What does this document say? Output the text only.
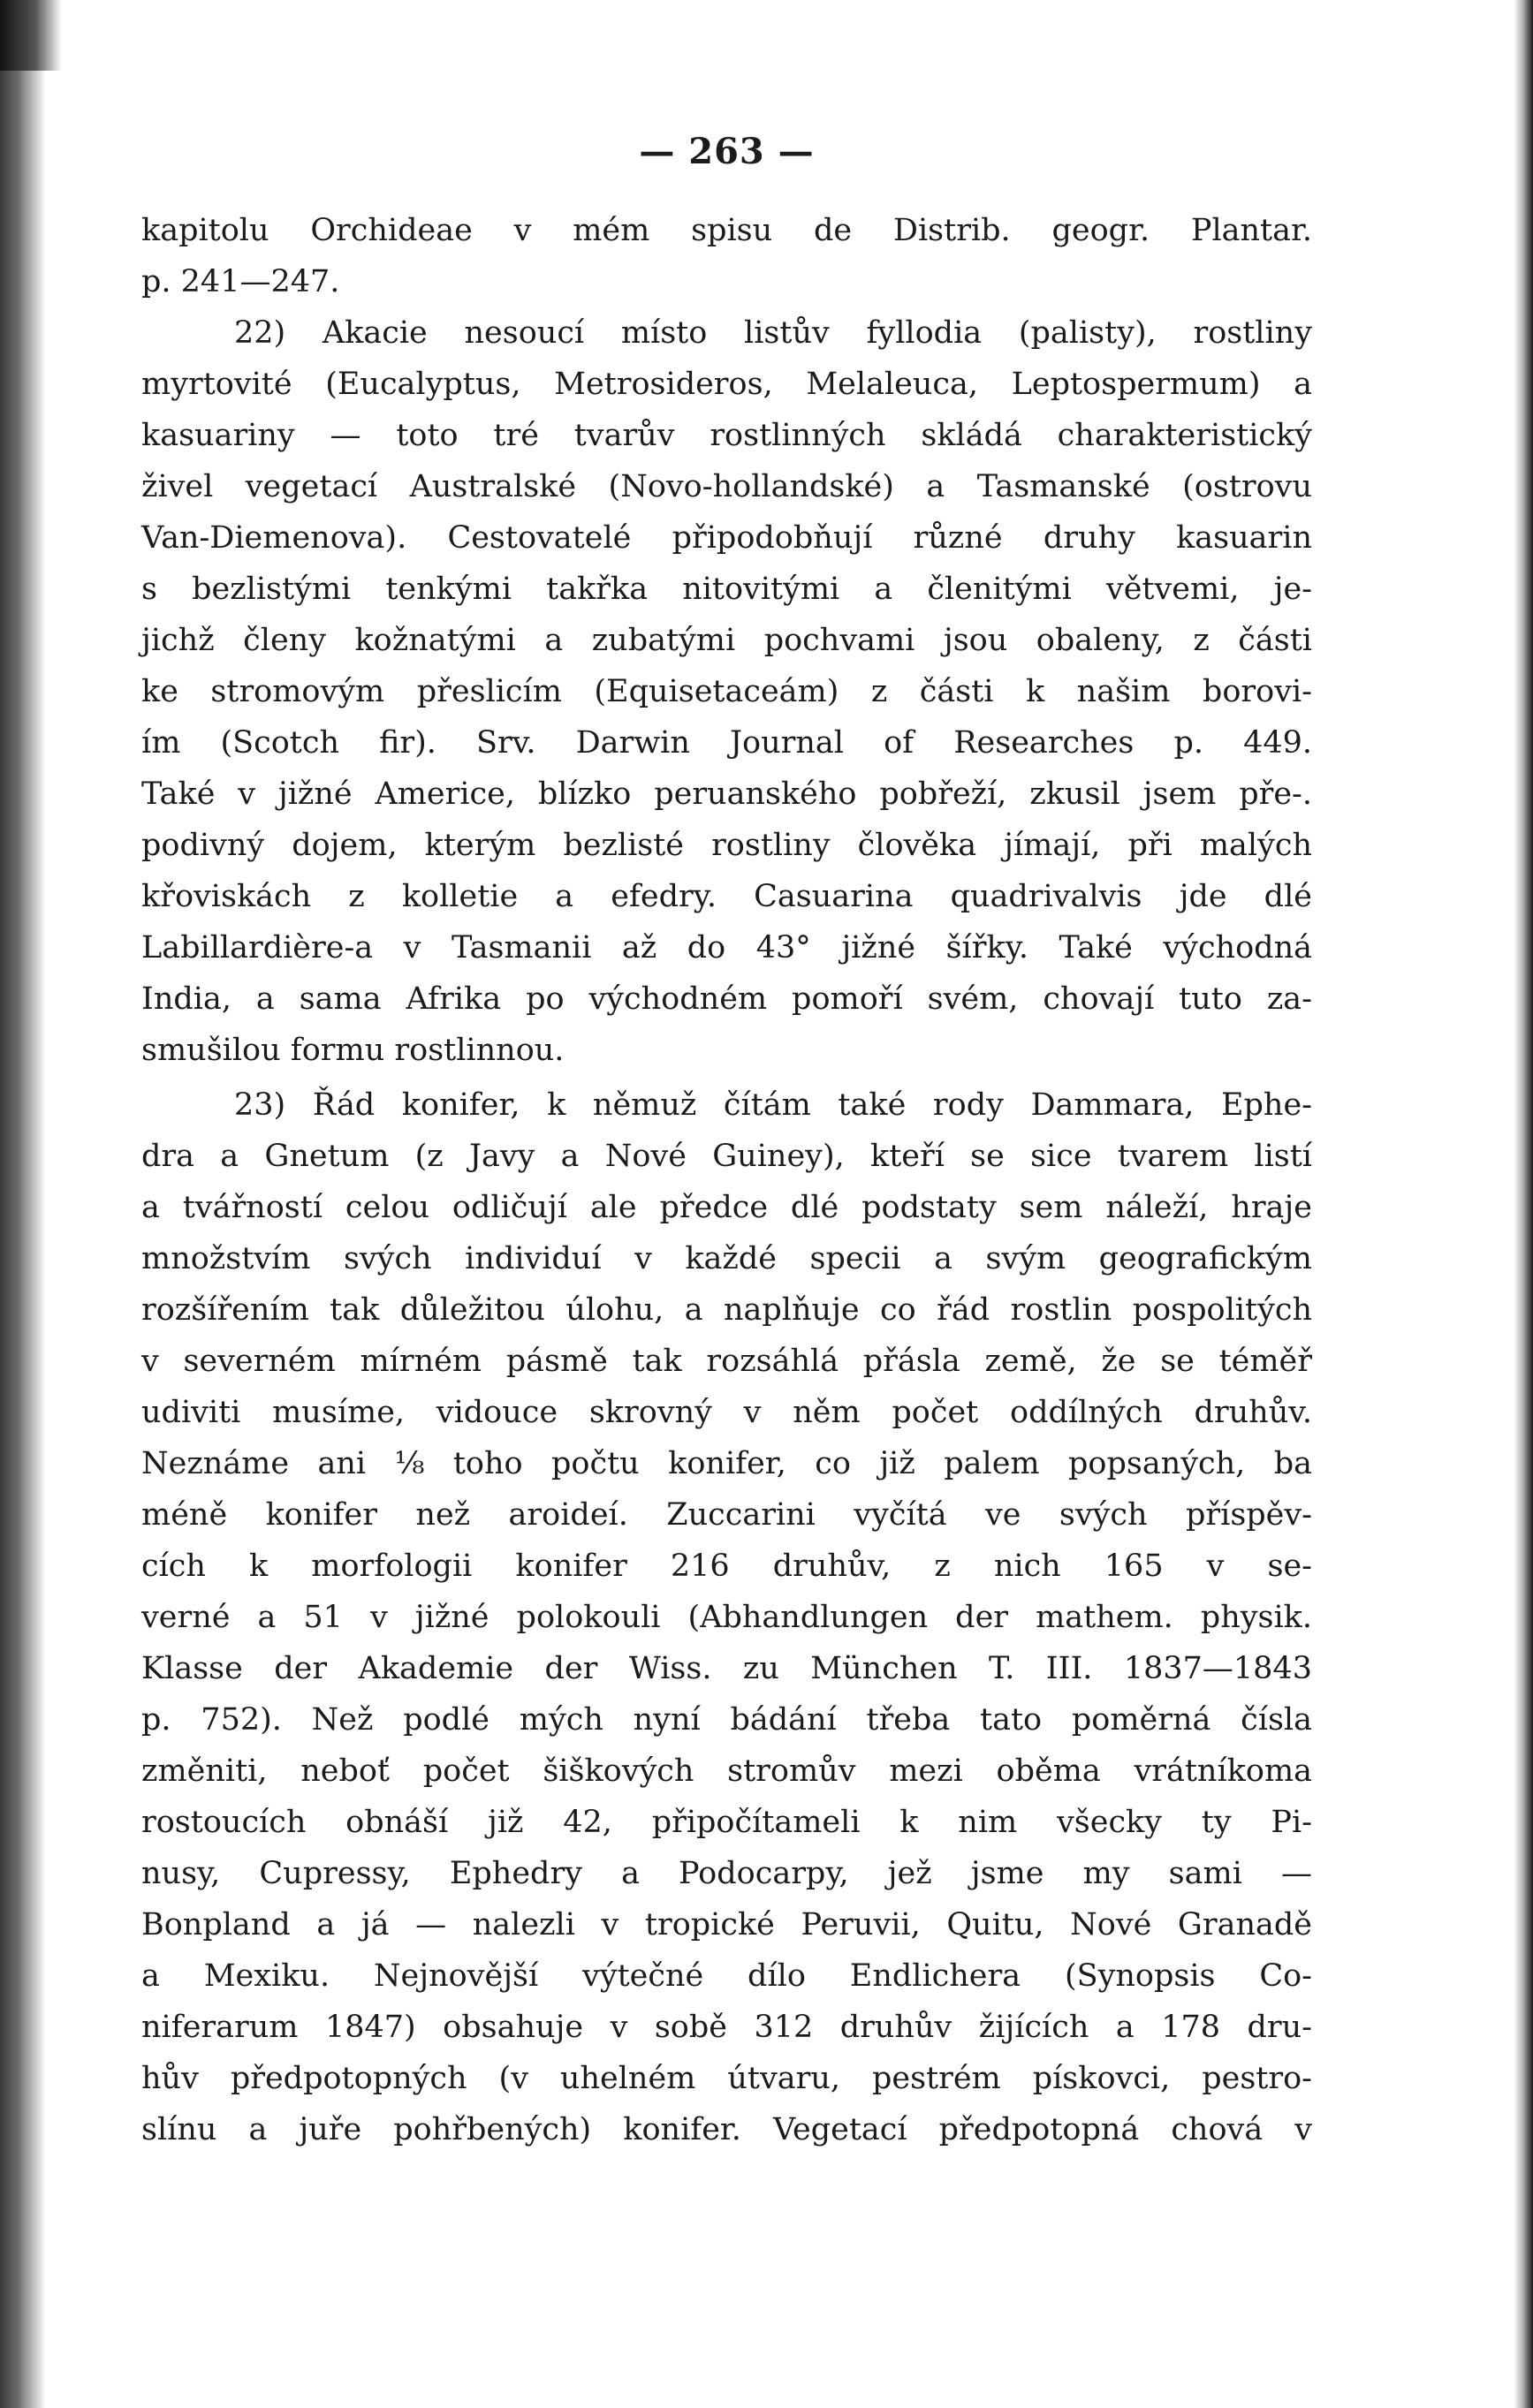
— 263 —
kapitolu Orchideae v mém spisu de Distrib. geogr. Plantar.
p. 241—247.
22) Akacie nesoucí místo listův fyllodia (palisty), rostliny
myrtovité (Eucalyptus, Metrosideros, Melaleuca, Leptospermum) a
kasuariny — toto tré tvarův rostlinných skládá charakteristický
živel vegetací Australské (Novo-hollandské) a Tasmanské (ostrovu
Van-Diemenova). Cestovatelé připodobňují různé druhy kasuarin
s bezlistými tenkými takřka nitovitými a členitými větvemi, je-
jichž členy kožnatými a zubatými pochvami jsou obaleny, z části
ke stromovým přeslicím (Equisetaceám) z části k našim borovi-
ím (Scotch fir). Srv. Darwin Journal of Researches p. 449.
Také v jižné Americe, blízko peruanského pobřeží, zkusil jsem pře-.
podivný dojem, kterým bezlisté rostliny člověka jímají, při malých
křoviskách z kolletie a efedry. Casuarina quadrivalvis jde dlé
Labillardière-a v Tasmanii až do 43° jižné šířky. Také východná
India, a sama Afrika po východném pomoří svém, chovají tuto za-
smušilou formu rostlinnou.
23) Řád konifer, k němuž čítám také rody Dammara, Ephe-
dra a Gnetum (z Javy a Nové Guiney), kteří se sice tvarem listí
a tvářností celou odličují ale předce dlé podstaty sem náleží, hraje
množstvím svých individuí v každé specii a svým geografickým
rozšířením tak důležitou úlohu, a naplňuje co řád rostlin pospolitých
v severném mírném pásmě tak rozsáhlá přásla země, že se téměř
udiviti musíme, vidouce skrovný v něm počet oddílných druhův.
Neznáme ani ⅛ toho počtu konifer, co již palem popsaných, ba
méně konifer než aroideí. Zuccarini vyčítá ve svých příspěv-
cích k morfologii konifer 216 druhův, z nich 165 v se-
verné a 51 v jižné polokouli (Abhandlungen der mathem. physik.
Klasse der Akademie der Wiss. zu München T. III. 1837—1843
p. 752). Než podlé mých nyní bádání třeba tato poměrná čísla
změniti, neboť počet šiškových stromův mezi oběma vrátníkoma
rostoucích obnáší již 42, připočítameli k nim všecky ty Pi-
nusy, Cupressy, Ephedry a Podocarpy, jež jsme my sami —
Bonpland a já — nalezli v tropické Peruvii, Quitu, Nové Granadě
a Mexiku. Nejnovější výtečné dílo Endlichera (Synopsis Co-
niferarum 1847) obsahuje v sobě 312 druhův žijících a 178 dru-
hův předpotopných (v uhelném útvaru, pestrém pískovci, pestro-
slínu a juře pohřbených) konifer. Vegetací předpotopná chová v
